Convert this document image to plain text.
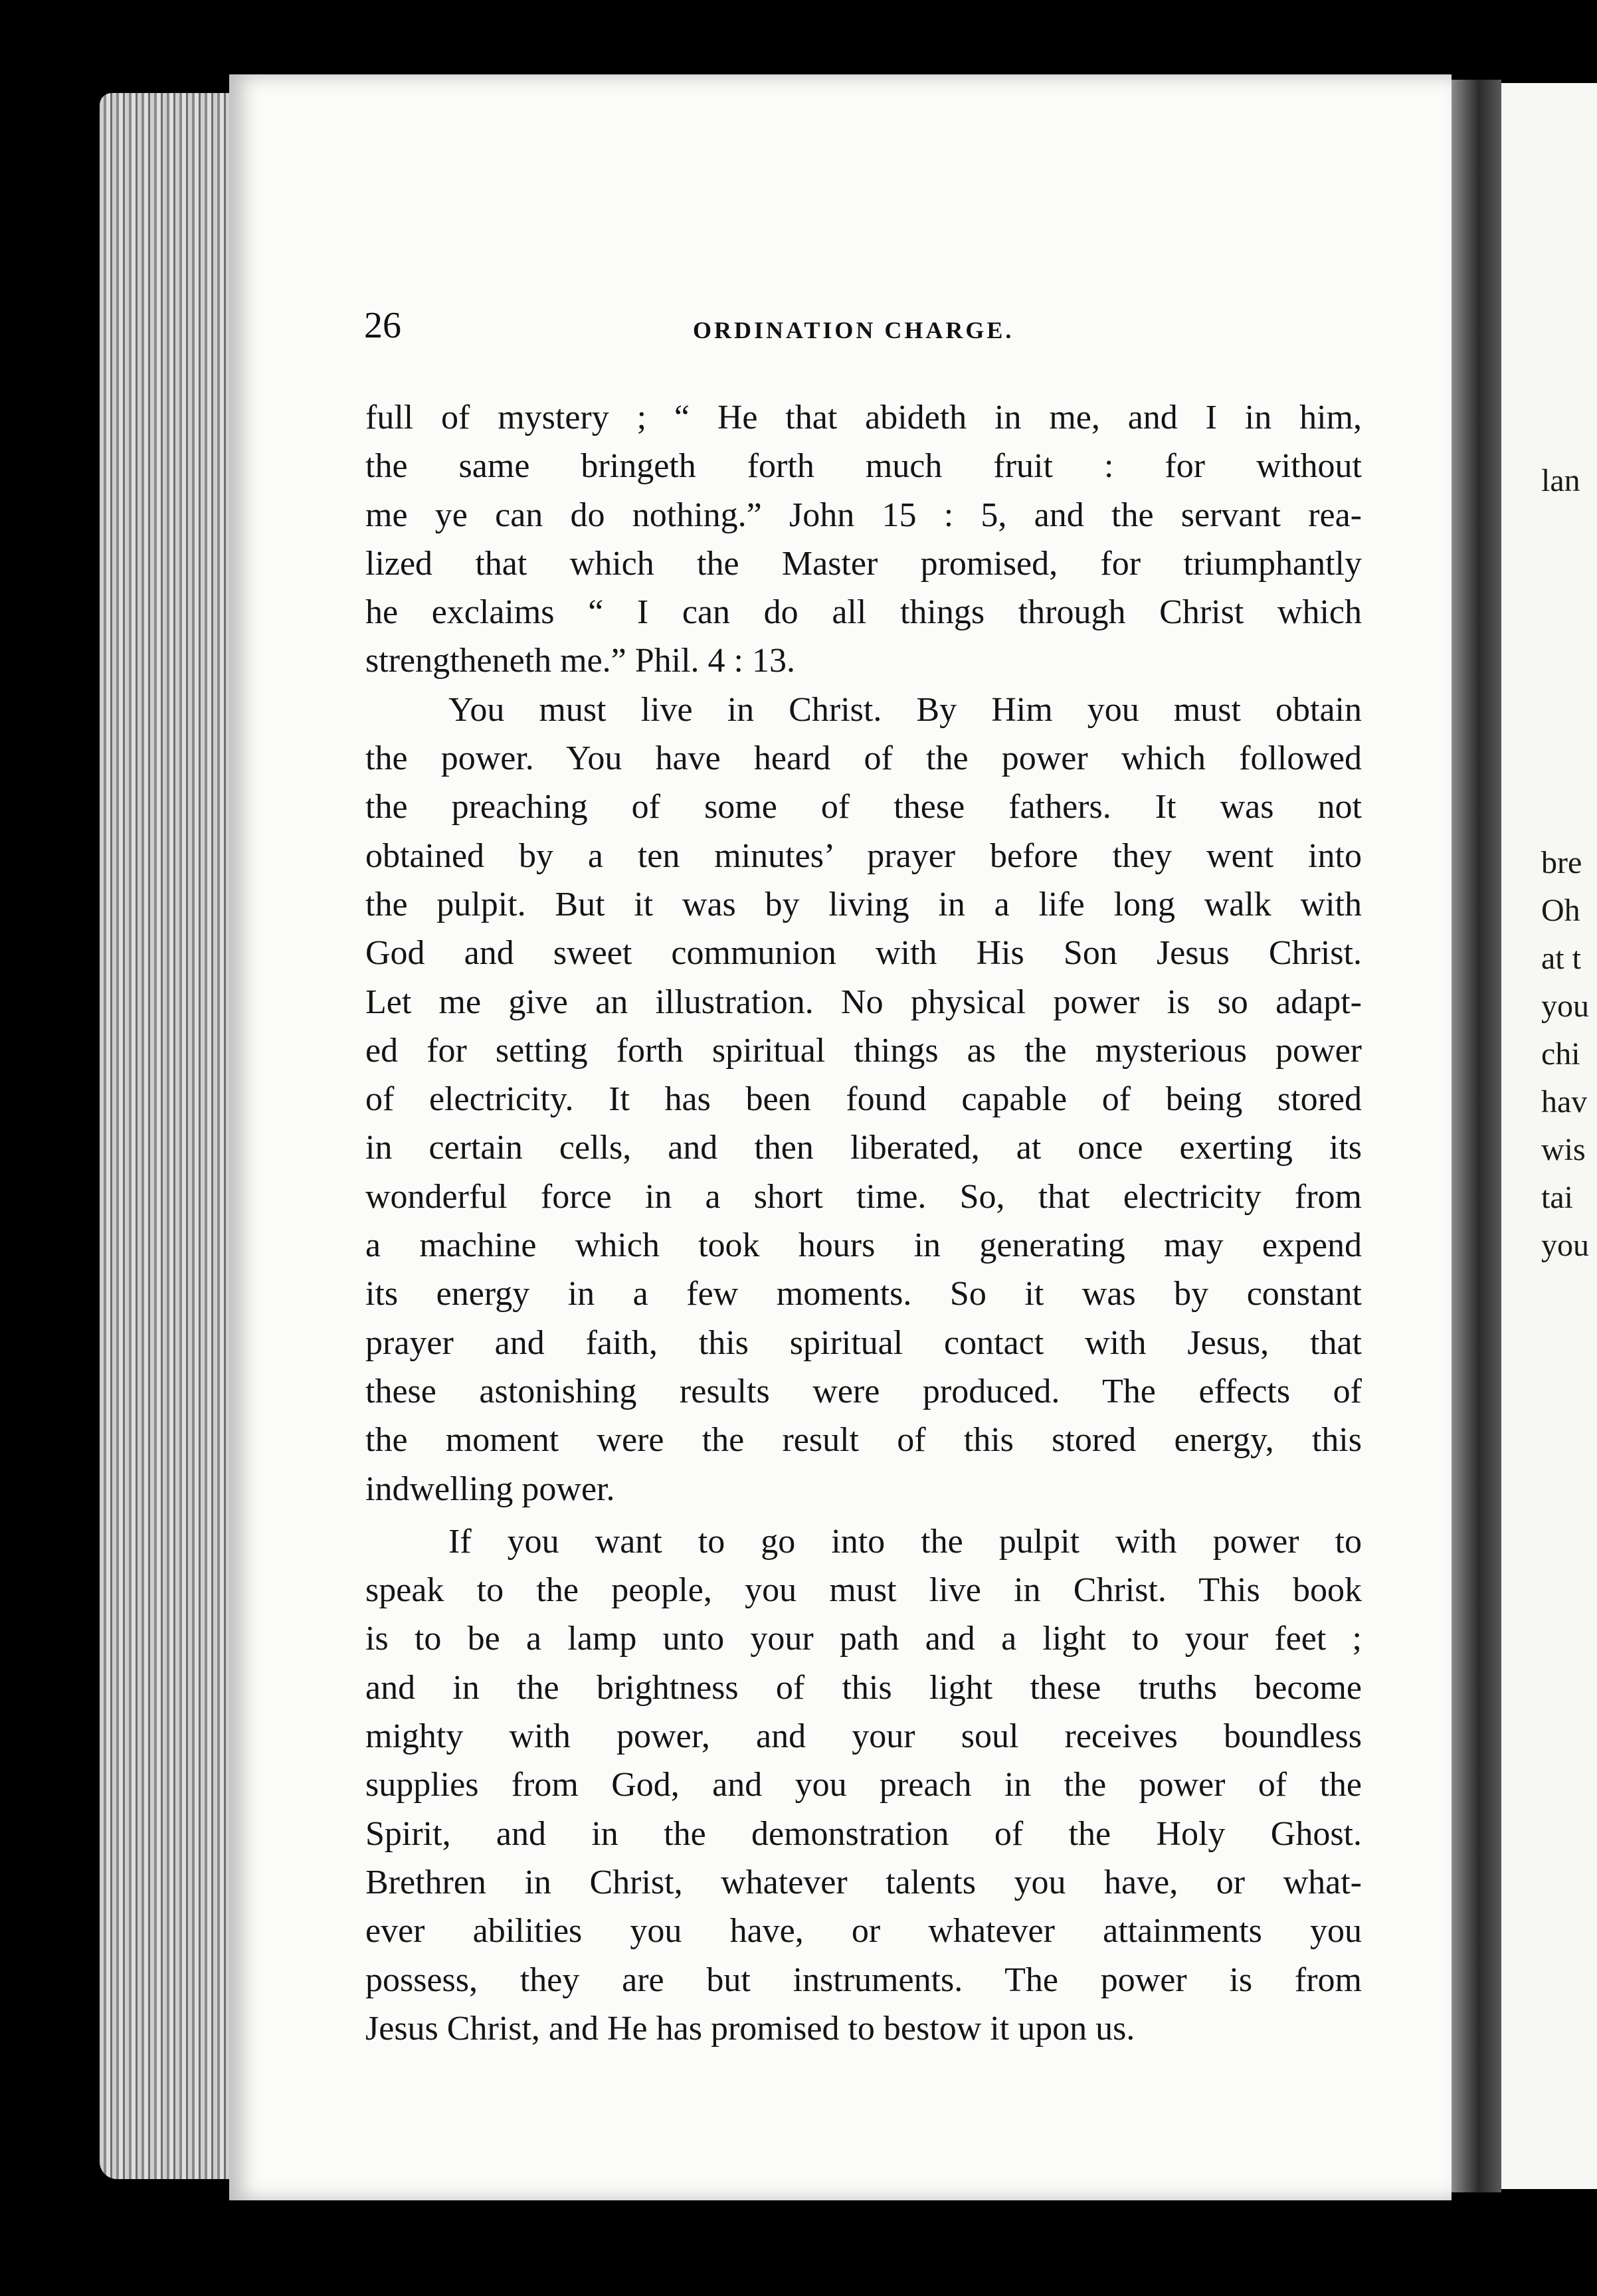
lan
bre
Oh
at t
you
chi
hav
wis
tai
you
26	ORDINATION CHARGE.
full of mystery ; “ He that abideth in me, and I in him,
the same bringeth forth much fruit : for without
me ye can do nothing.” John 15 : 5, and the servant rea-
lized that which the Master promised, for triumphantly
he exclaims “ I can do all things through Christ which
strengtheneth me.” Phil. 4 : 13.
You must live in Christ. By Him you must obtain
the power. You have heard of the power which followed
the preaching of some of these fathers. It was not
obtained by a ten minutes’ prayer before they went into
the pulpit. But it was by living in a life long walk with
God and sweet communion with His Son Jesus Christ.
Let me give an illustration. No physical power is so adapt-
ed for setting forth spiritual things as the mysterious power
of electricity. It has been found capable of being stored
in certain cells, and then liberated, at once exerting its
wonderful force in a short time. So, that electricity from
a machine which took hours in generating may expend
its energy in a few moments. So it was by constant
prayer and faith, this spiritual contact with Jesus, that
these astonishing results were produced. The effects of
the moment were the result of this stored energy, this
indwelling power.
If you want to go into the pulpit with power to
speak to the people, you must live in Christ. This book
is to be a lamp unto your path and a light to your feet ;
and in the brightness of this light these truths become
mighty with power, and your soul receives boundless
supplies from God, and you preach in the power of the
Spirit, and in the demonstration of the Holy Ghost.
Brethren in Christ, whatever talents you have, or what-
ever abilities you have, or whatever attainments you
possess, they are but instruments. The power is from
Jesus Christ, and He has promised to bestow it upon us.
